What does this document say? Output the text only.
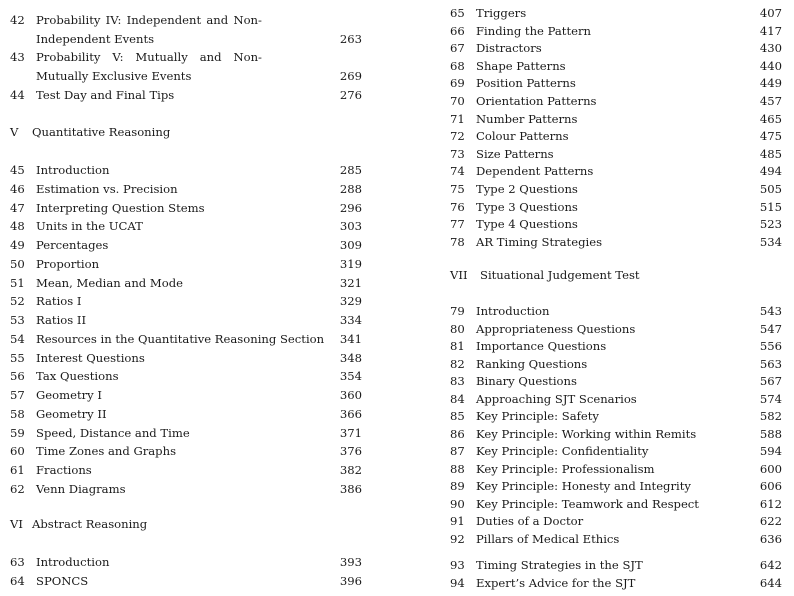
42 Probability IV: Independent and Non-
Independent Events	263
43 Probability V: Mutually and Non-
Mutually Exclusive Events	269
44 Test Day and Final Tips	276
V Quantitative Reasoning
45 Introduction	285
46 Estimation vs. Precision	288
47 Interpreting Question Stems	296
48 Units in the UCAT	303
49 Percentages	309
50 Proportion	319
51 Mean, Median and Mode	321
52 Ratios I	329
53 Ratios II	334
54 Resources in the Quantitative Reasoning Section 341
55 Interest Questions	348
56 Tax Questions	354
57 Geometry I	360
58 Geometry II	366
59 Speed, Distance and Time	371
60 Time Zones and Graphs	376
61 Fractions	382
62 Venn Diagrams	386
VI Abstract Reasoning
63 Introduction	393
64 SPONCS	396
65 Triggers	407
66 Finding the Pattern	417
67 Distractors	430
68 Shape Patterns	440
69 Position Patterns	449
70 Orientation Patterns	457
71 Number Patterns	465
72 Colour Patterns	475
73 Size Patterns	485
74 Dependent Patterns	494
75 Type 2 Questions	505
76 Type 3 Questions	515
77 Type 4 Questions	523
78 AR Timing Strategies	534
VII Situational Judgement Test
79 Introduction	543
80 Appropriateness Questions	547
81 Importance Questions	556
82 Ranking Questions	563
83 Binary Questions	567
84 Approaching SJT Scenarios	574
85 Key Principle: Safety	582
86 Key Principle: Working within Remits	588
87 Key Principle: Confidentiality	594
88 Key Principle: Professionalism	600
89 Key Principle: Honesty and Integrity	606
90 Key Principle: Teamwork and Respect	612
91 Duties of a Doctor	622
92 Pillars of Medical Ethics	636
93 Timing Strategies in the SJT	642
94 Expert’s Advice for the SJT	644
